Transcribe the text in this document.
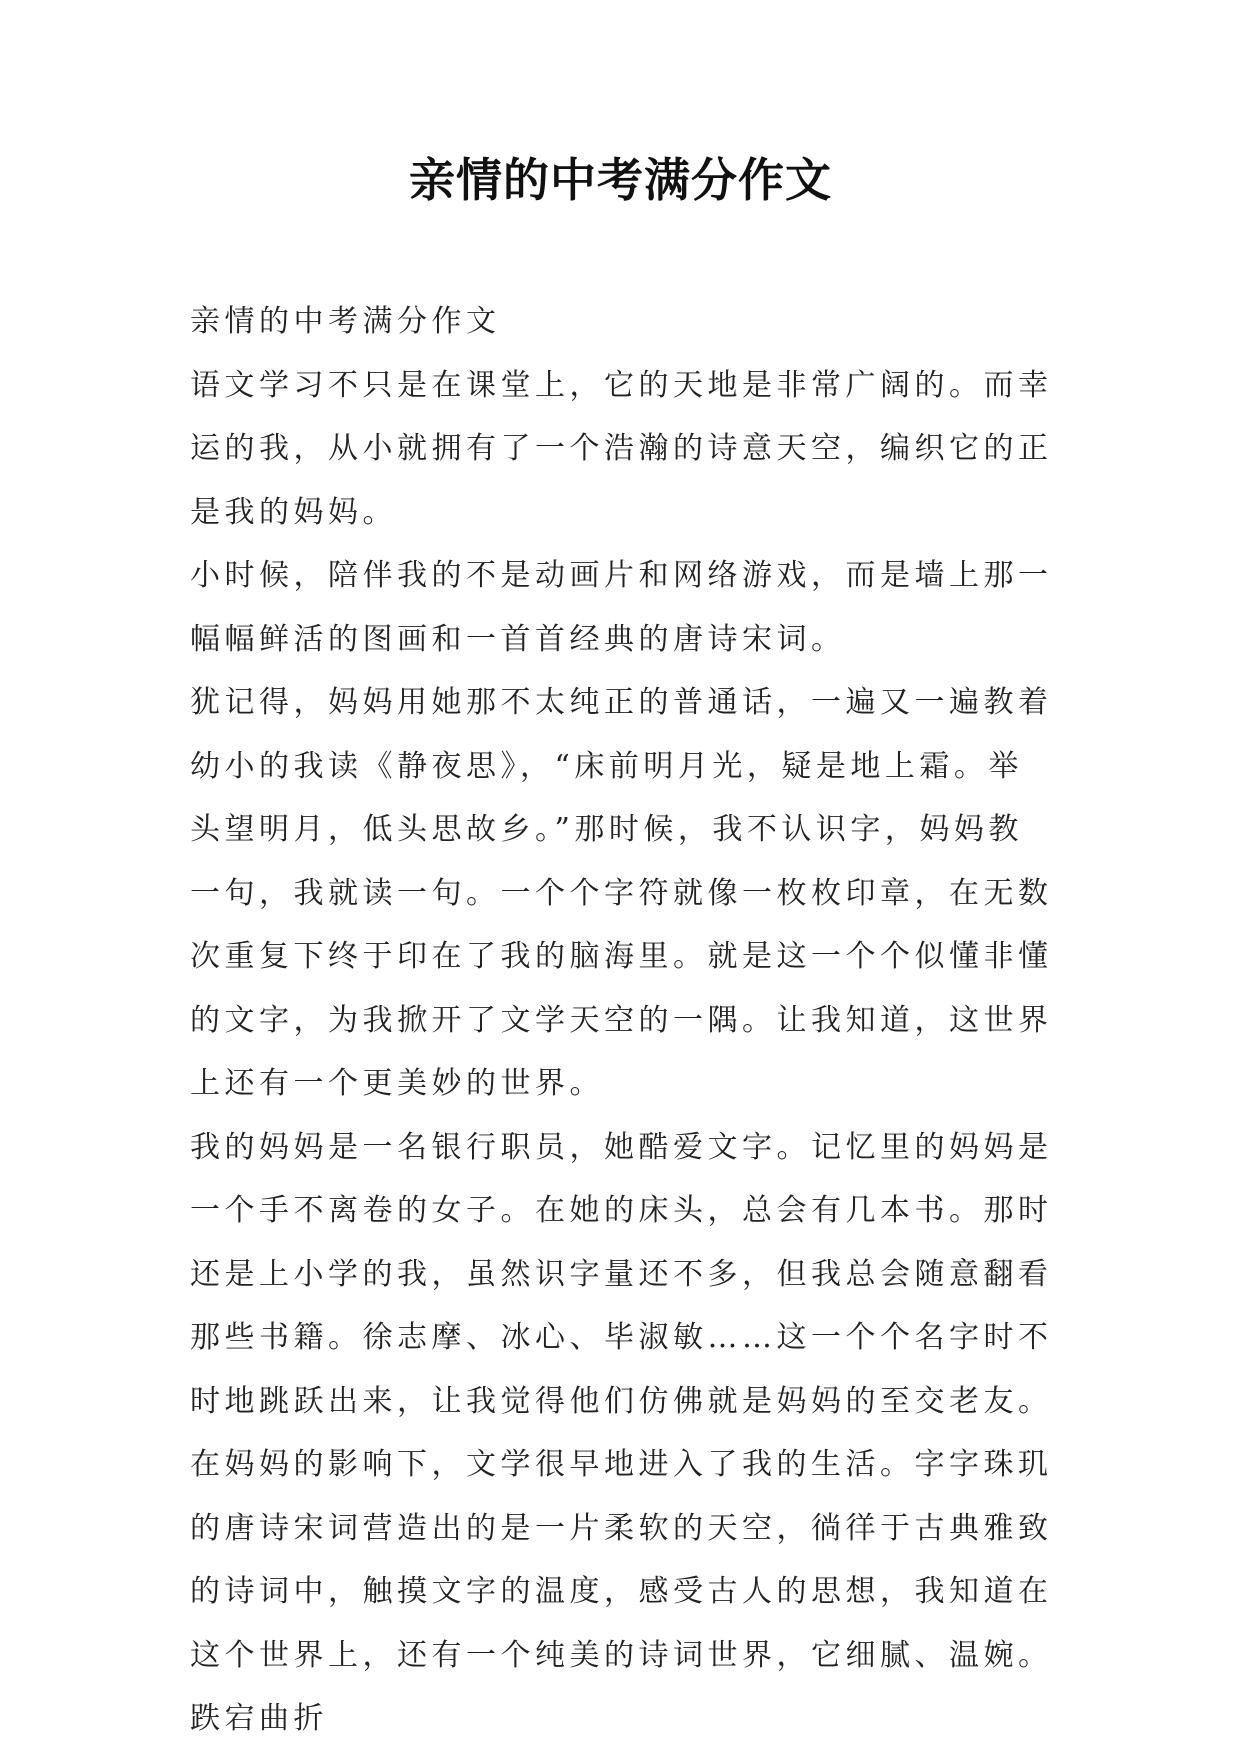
亲情的中考满分作文

亲情的中考满分作文

语文学习不只是在课堂上，它的天地是非常广阔的。而幸运的我，从小就拥有了一个浩瀚的诗意天空，编织它的正是我的妈妈。

小时候，陪伴我的不是动画片和网络游戏，而是墙上那一幅幅鲜活的图画和一首首经典的唐诗宋词。

犹记得，妈妈用她那不太纯正的普通话，一遍又一遍教着幼小的我读《静夜思》，“床前明月光，疑是地上霜。举头望明月，低头思故乡。”那时候，我不认识字，妈妈教一句，我就读一句。一个个字符就像一枚枚印章，在无数次重复下终于印在了我的脑海里。就是这一个个似懂非懂的文字，为我掀开了文学天空的一隅。让我知道，这世界上还有一个更美妙的世界。

我的妈妈是一名银行职员，她酷爱文字。记忆里的妈妈是一个手不离卷的女子。在她的床头，总会有几本书。那时还是上小学的我，虽然识字量还不多，但我总会随意翻看那些书籍。徐志摩、冰心、毕淑敏……这一个个名字时不时地跳跃出来，让我觉得他们仿佛就是妈妈的至交老友。

在妈妈的影响下，文学很早地进入了我的生活。字字珠玑的唐诗宋词营造出的是一片柔软的天空，徜徉于古典雅致的诗词中，触摸文字的温度，感受古人的思想，我知道在这个世界上，还有一个纯美的诗词世界，它细腻、温婉。跌宕曲折
